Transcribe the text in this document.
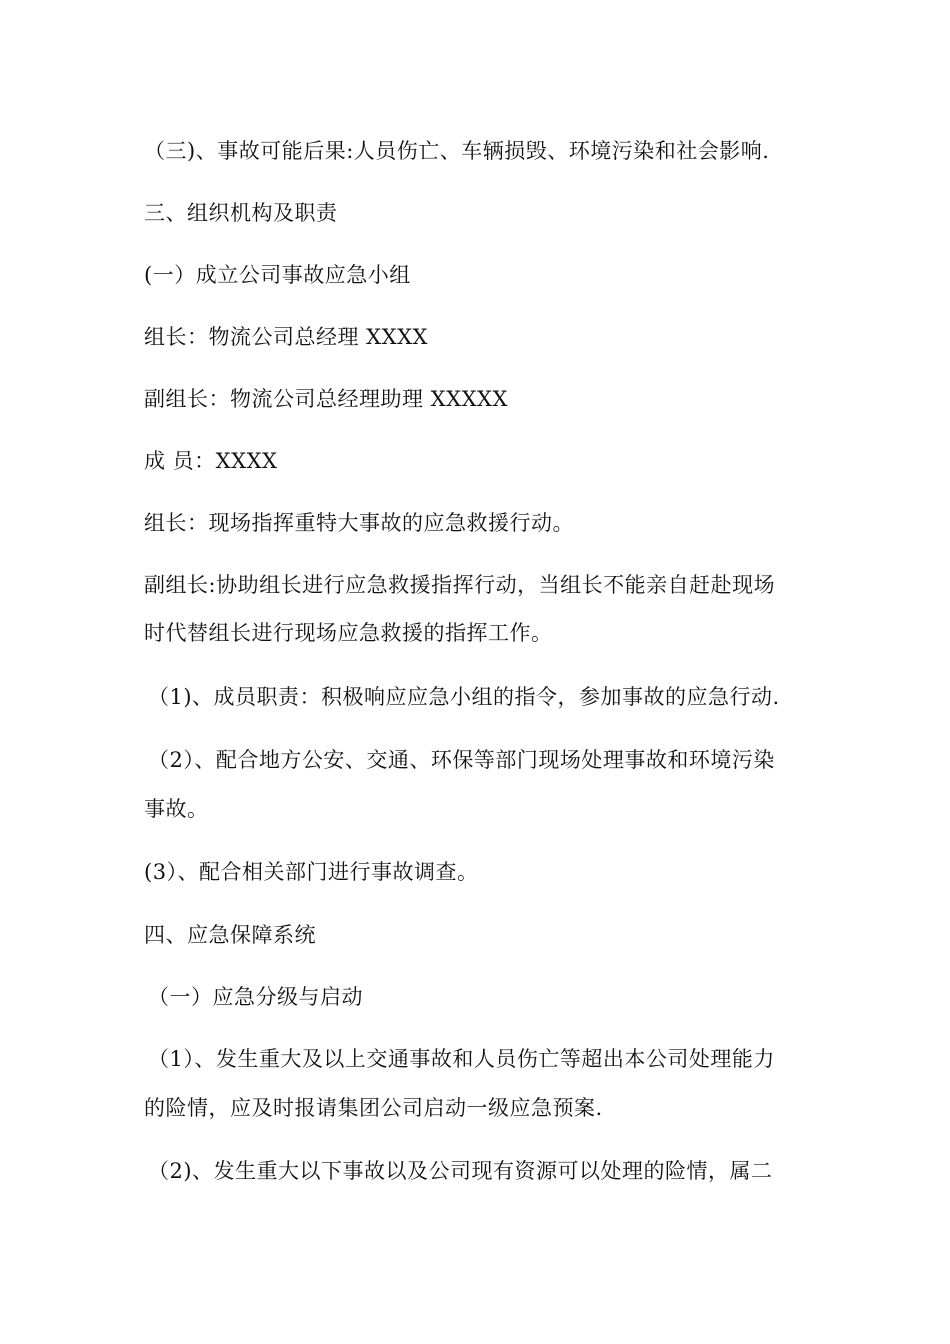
（三)、事故可能后果:人员伤亡、车辆损毁、环境污染和社会影响.
三、组织机构及职责
(一）成立公司事故应急小组
组长：物流公司总经理 XXXX
副组长：物流公司总经理助理 XXXXX
成 员：XXXX
组长：现场指挥重特大事故的应急救援行动。
副组长:协助组长进行应急救援指挥行动，当组长不能亲自赶赴现场
时代替组长进行现场应急救援的指挥工作。
（1)、成员职责：积极响应应急小组的指令，参加事故的应急行动.
（2）、配合地方公安、交通、环保等部门现场处理事故和环境污染
事故。
(3）、配合相关部门进行事故调查。
四、应急保障系统
（一）应急分级与启动
（1）、发生重大及以上交通事故和人员伤亡等超出本公司处理能力
的险情，应及时报请集团公司启动一级应急预案.
（2)、发生重大以下事故以及公司现有资源可以处理的险情，属二
